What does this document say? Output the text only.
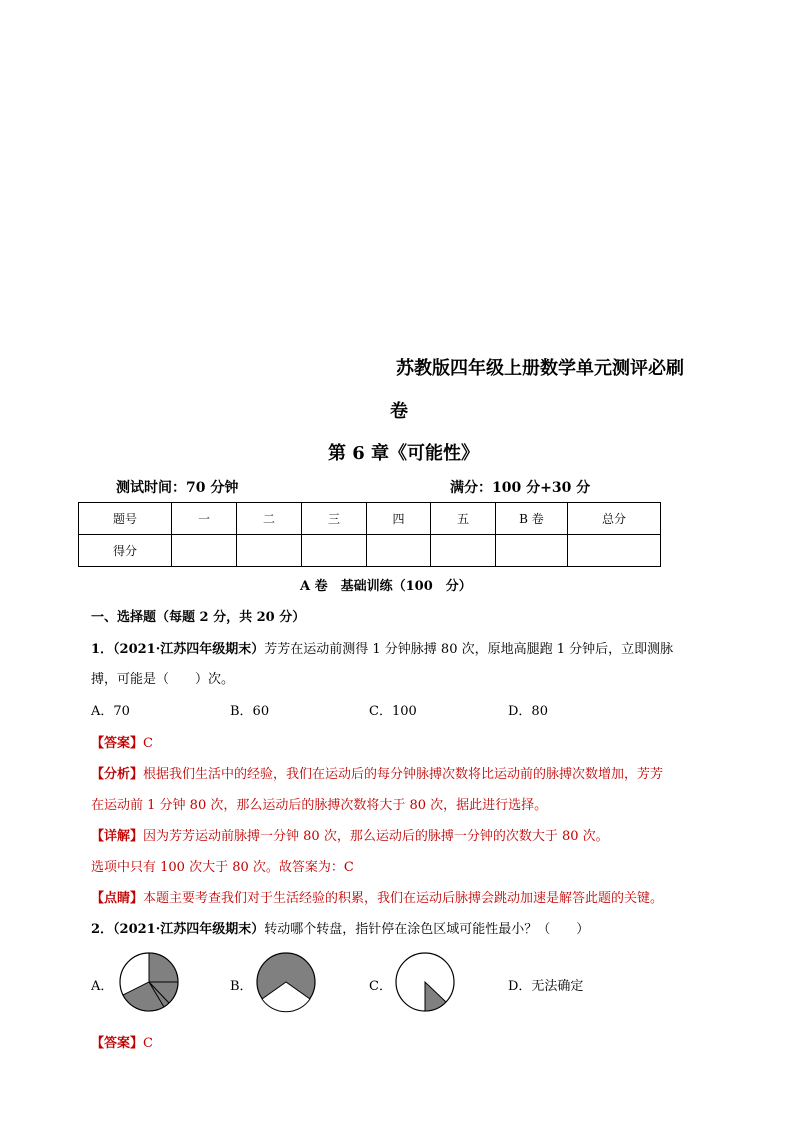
苏教版四年级上册数学单元测评必刷
卷
第 6 章《可能性》
测试时间：70 分钟	满分：100 分+30 分
题号	一	二	三	四	五	B 卷	总分
得分							
A 卷　基础训练（100　分）
一、选择题（每题 2 分，共 20 分）
1．（2021·江苏四年级期末）芳芳在运动前测得 1 分钟脉搏 80 次，原地高腿跑 1 分钟后，立即测脉
搏，可能是（　　）次。
A．70	B．60	C．100	D．80
【答案】C
【分析】根据我们生活中的经验，我们在运动后的每分钟脉搏次数将比运动前的脉搏次数增加，芳芳
在运动前 1 分钟 80 次，那么运动后的脉搏次数将大于 80 次，据此进行选择。
【详解】因为芳芳运动前脉搏一分钟 80 次，那么运动后的脉搏一分钟的次数大于 80 次。
选项中只有 100 次大于 80 次。故答案为：C
【点睛】本题主要考查我们对于生活经验的积累，我们在运动后脉搏会跳动加速是解答此题的关键。
2．（2021·江苏四年级期末）转动哪个转盘，指针停在涂色区域可能性最小？（　　）
A．	B．	C．	D．无法确定
【答案】C
